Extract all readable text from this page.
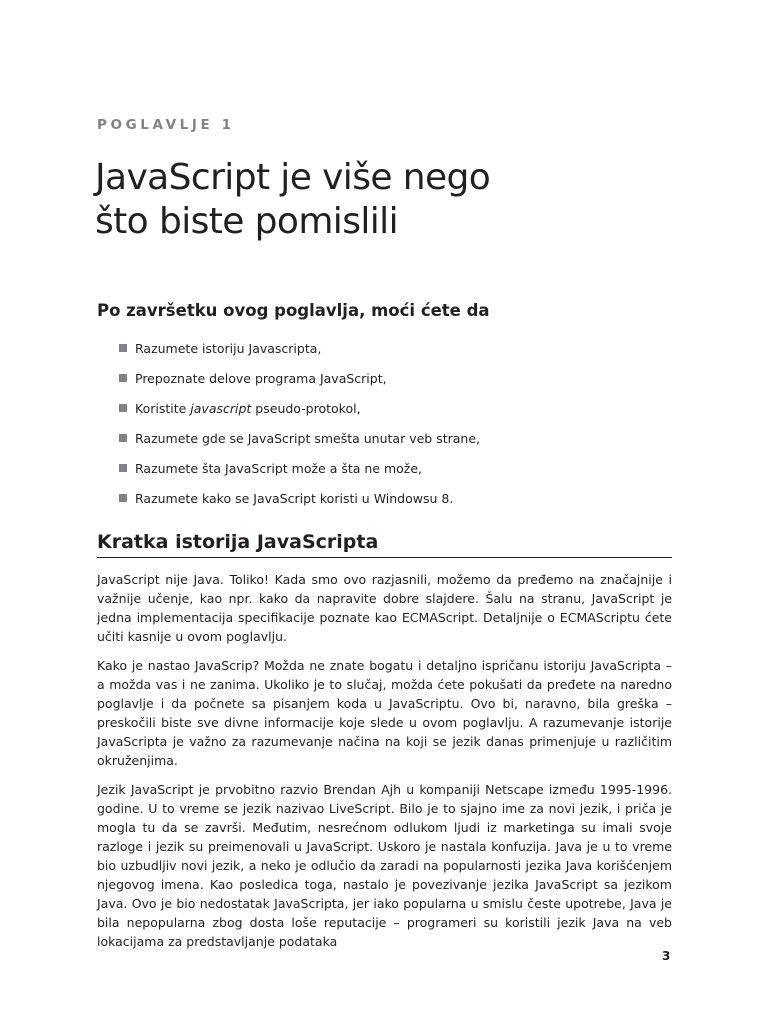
POGLAVLJE 1
JavaScript je više nego
što biste pomislili
Po završetku ovog poglavlja, moći ćete da
Razumete istoriju Javascripta,
Prepoznate delove programa JavaScript,
Koristite javascript pseudo-protokol,
Razumete gde se JavaScript smešta unutar veb strane,
Razumete šta JavaScript može a šta ne može,
Razumete kako se JavaScript koristi u Windowsu 8.
Kratka istorija JavaScripta

JavaScript nije Java. Toliko! Kada smo ovo razjasnili, možemo da pređemo na značajnije i važnije učenje, kao npr. kako da napravite dobre slajdere. Šalu na stranu, JavaScript je jedna implementacija specifikacije poznate kao ECMAScript. Detaljnije o ECMAScriptu ćete učiti kasnije u ovom poglavlju.

Kako je nastao JavaScrip? Možda ne znate bogatu i detaljno ispričanu istoriju JavaScripta – a možda vas i ne zanima. Ukoliko je to slučaj, možda ćete pokušati da pređete na naredno poglavlje i da počnete sa pisanjem koda u JavaScriptu. Ovo bi, naravno, bila greška – preskočili biste sve divne informacije koje slede u ovom poglavlju. A razumevanje istorije JavaScripta je važno za razumevanje načina na koji se jezik danas primenjuje u različitim okruženjima.

Jezik JavaScript je prvobitno razvio Brendan Ajh u kompaniji Netscape između 1995-1996. godine. U to vreme se jezik nazivao LiveScript. Bilo je to sjajno ime za novi jezik, i priča je mogla tu da se završi. Međutim, nesrećnom odlukom ljudi iz marketinga su imali svoje razloge i jezik su preimenovali u JavaScript. Uskoro je nastala konfuzija. Java je u to vreme bio uzbudljiv novi jezik, a neko je odlučio da zaradi na popularnosti jezika Java korišćenjem njegovog imena. Kao posledica toga, nastalo je povezivanje jezika JavaScript sa jezikom Java. Ovo je bio nedostatak JavaScripta, jer iako popularna u smislu česte upotrebe, Java je bila nepopularna zbog dosta loše reputacije – programeri su koristili jezik Java na veb lokacijama za predstavljanje podataka

3
